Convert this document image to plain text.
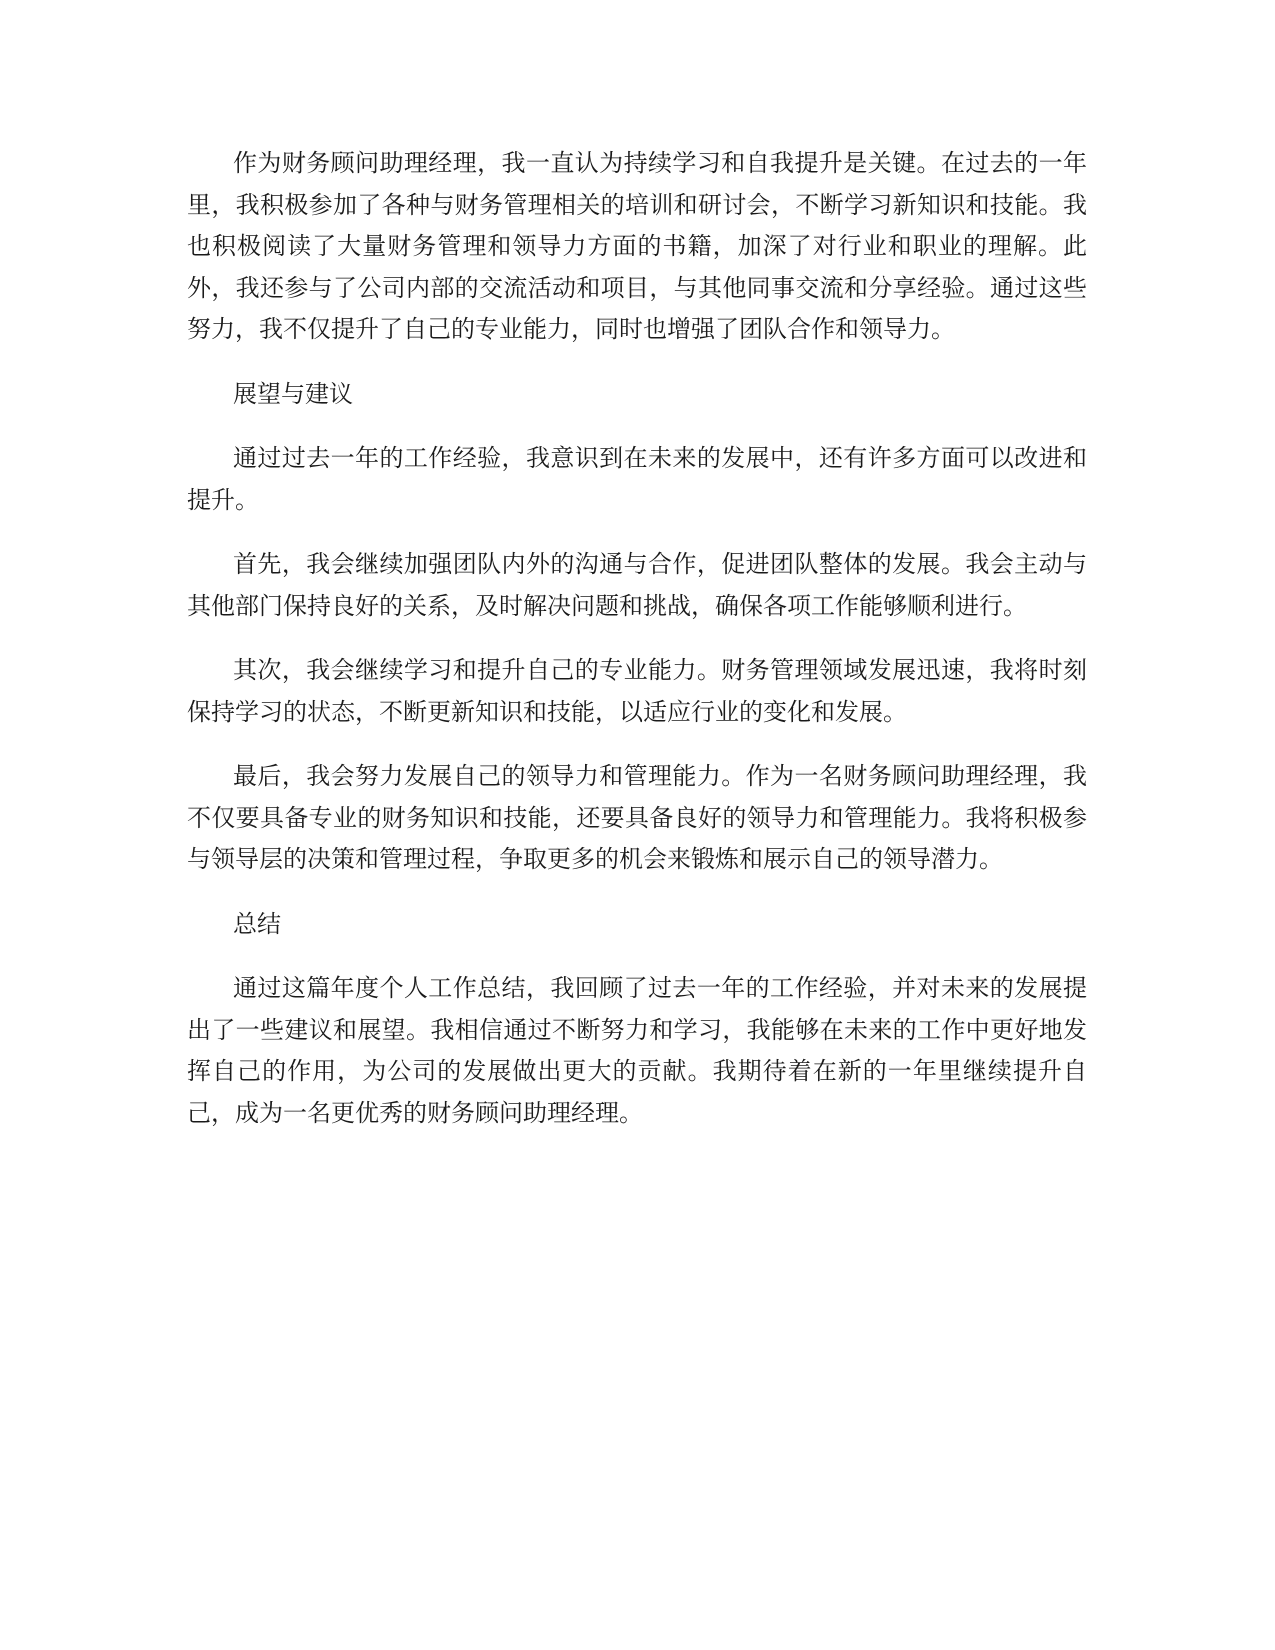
作为财务顾问助理经理，我一直认为持续学习和自我提升是关键。在过去的一年里，我积极参加了各种与财务管理相关的培训和研讨会，不断学习新知识和技能。我也积极阅读了大量财务管理和领导力方面的书籍，加深了对行业和职业的理解。此外，我还参与了公司内部的交流活动和项目，与其他同事交流和分享经验。通过这些努力，我不仅提升了自己的专业能力，同时也增强了团队合作和领导力。

展望与建议

通过过去一年的工作经验，我意识到在未来的发展中，还有许多方面可以改进和提升。

首先，我会继续加强团队内外的沟通与合作，促进团队整体的发展。我会主动与其他部门保持良好的关系，及时解决问题和挑战，确保各项工作能够顺利进行。

其次，我会继续学习和提升自己的专业能力。财务管理领域发展迅速，我将时刻保持学习的状态，不断更新知识和技能，以适应行业的变化和发展。

最后，我会努力发展自己的领导力和管理能力。作为一名财务顾问助理经理，我不仅要具备专业的财务知识和技能，还要具备良好的领导力和管理能力。我将积极参与领导层的决策和管理过程，争取更多的机会来锻炼和展示自己的领导潜力。

总结

通过这篇年度个人工作总结，我回顾了过去一年的工作经验，并对未来的发展提出了一些建议和展望。我相信通过不断努力和学习，我能够在未来的工作中更好地发挥自己的作用，为公司的发展做出更大的贡献。我期待着在新的一年里继续提升自己，成为一名更优秀的财务顾问助理经理。
